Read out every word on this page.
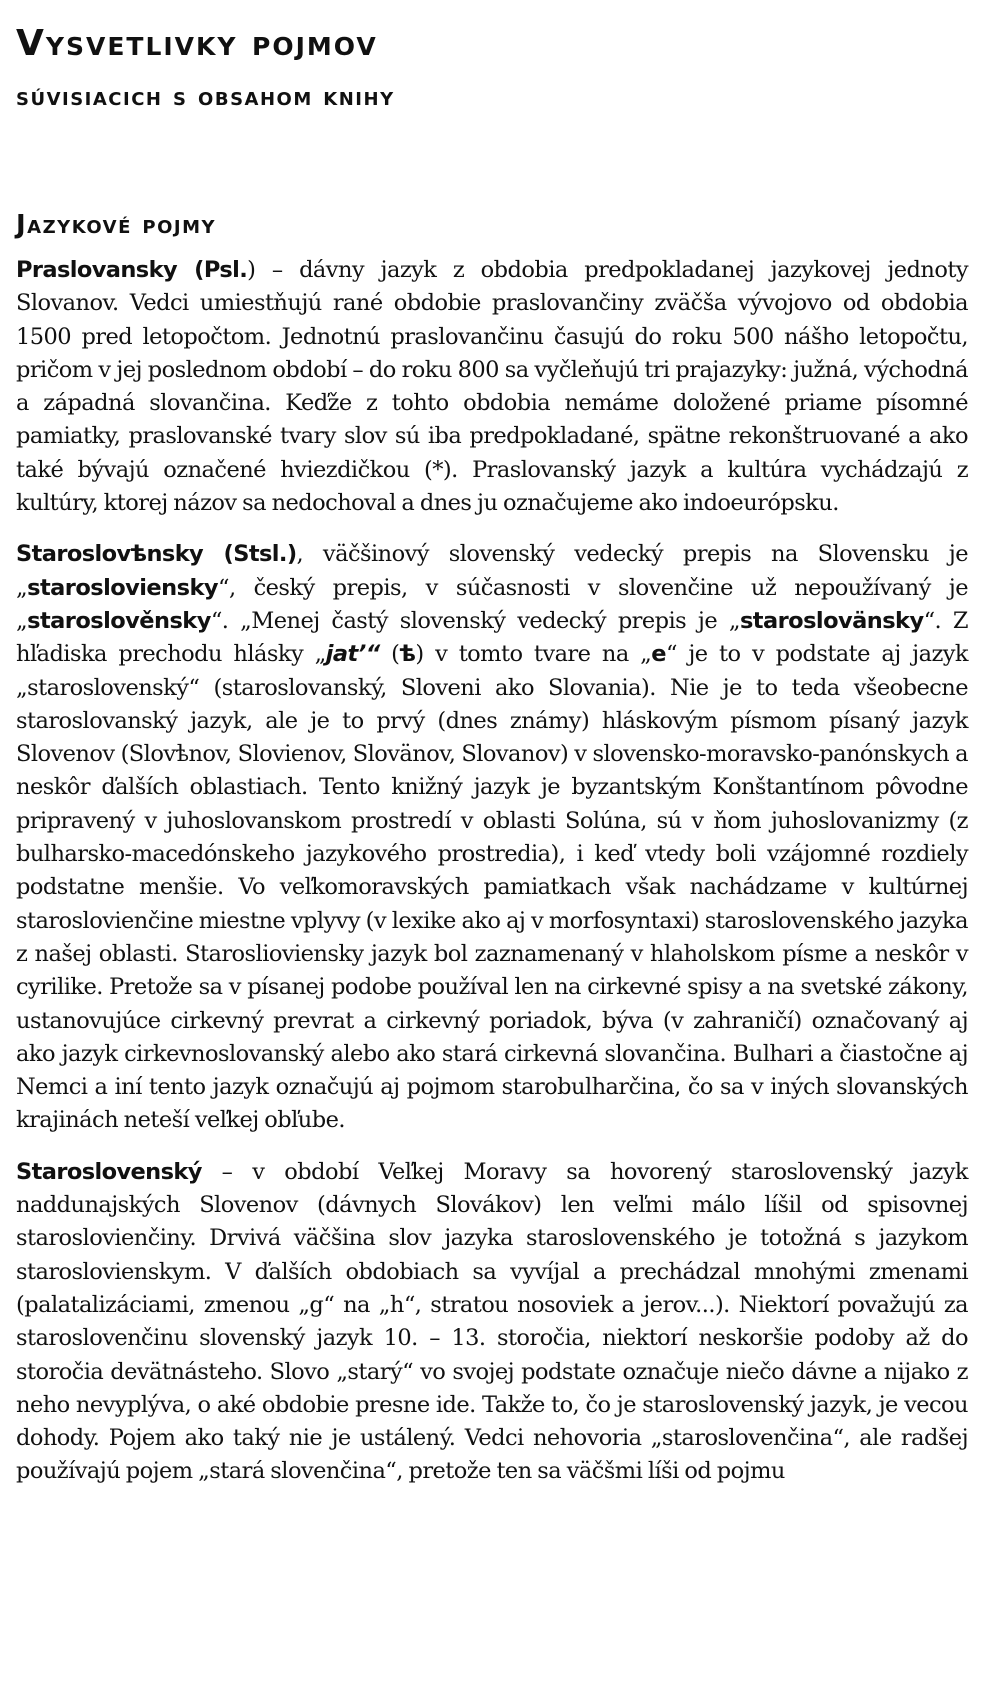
Vysvetlivky pojmov
súvisiacich s obsahom knihy
Jazykové pojmy

Praslovansky (Psl.) – dávny jazyk z obdobia predpokladanej jazykovej jednoty Slovanov. Vedci umiestňujú rané obdobie praslovančiny zväčša vývojovo od obdobia 1500 pred letopočtom. Jednotnú praslovančinu časujú do roku 500 nášho letopočtu, pričom v jej poslednom období – do roku 800 sa vyčleňujú tri prajazyky: južná, východná a západná slovančina. Keďže z tohto obdobia nemáme doložené priame písomné pamiatky, praslovanské tvary slov sú iba predpokladané, spätne rekonštruované a ako také bývajú označené hviezdičkou (*). Praslovanský jazyk a kultúra vychádzajú z kultúry, ktorej názov sa nedochoval a dnes ju označujeme ako indoeurópsku.

Staroslovѣnsky (Stsl.), väčšinový slovenský vedecký prepis na Slovensku je „starosloviensky“, český prepis, v súčasnosti v slovenčine už nepoužívaný je „staroslověnsky“. „Menej častý slovenský vedecký prepis je „staroslovänsky“. Z hľadiska prechodu hlásky „jat’“ (ѣ) v tomto tvare na „e“ je to v podstate aj jazyk „staroslovenský“ (staroslovanský, Sloveni ako Slovania). Nie je to teda všeobecne staroslovanský jazyk, ale je to prvý (dnes známy) hláskovým písmom písaný jazyk Slovenov (Slovѣnov, Slovienov, Slovänov, Slovanov) v slovensko-moravsko-panónskych a neskôr ďalších oblastiach. Tento knižný jazyk je byzantským Konštantínom pôvodne pripravený v juhoslovanskom prostredí v oblasti Solúna, sú v ňom juhoslovanizmy (z bulharsko-macedónskeho jazykového prostredia), i keď vtedy boli vzájomné rozdiely podstatne menšie. Vo veľkomoravských pamiatkach však nachádzame v kultúrnej staroslovienčine miestne vplyvy (v lexike ako aj v morfosyntaxi) staroslovenského jazyka z našej oblasti. Staroslioviensky jazyk bol zaznamenaný v hlaholskom písme a neskôr v cyrilike. Pretože sa v písanej podobe používal len na cirkevné spisy a na svetské zákony, ustanovujúce cirkevný prevrat a cirkevný poriadok, býva (v zahraničí) označovaný aj ako jazyk cirkevnoslovanský alebo ako stará cirkevná slovančina. Bulhari a čiastočne aj Nemci a iní tento jazyk označujú aj pojmom starobulharčina, čo sa v iných slovanských krajinách neteší veľkej obľube.

Staroslovenský – v období Veľkej Moravy sa hovorený staroslovenský jazyk naddunajských Slovenov (dávnych Slovákov) len veľmi málo líšil od spisovnej staroslovienčiny. Drvivá väčšina slov jazyka staroslovenského je totožná s jazykom staroslovienskym. V ďalších obdobiach sa vyvíjal a prechádzal mnohými zmenami (palatalizáciami, zmenou „g“ na „h“, stratou nosoviek a jerov...). Niektorí považujú za staroslovenčinu slovenský jazyk 10. – 13. storočia, niektorí neskoršie podoby až do storočia devätnásteho. Slovo „starý“ vo svojej podstate označuje niečo dávne a nijako z neho nevyplýva, o aké obdobie presne ide. Takže to, čo je staroslovenský jazyk, je vecou dohody. Pojem ako taký nie je ustálený. Vedci nehovoria „staroslovenčina“, ale radšej používajú pojem „stará slovenčina“, pretože ten sa väčšmi líši od pojmu
